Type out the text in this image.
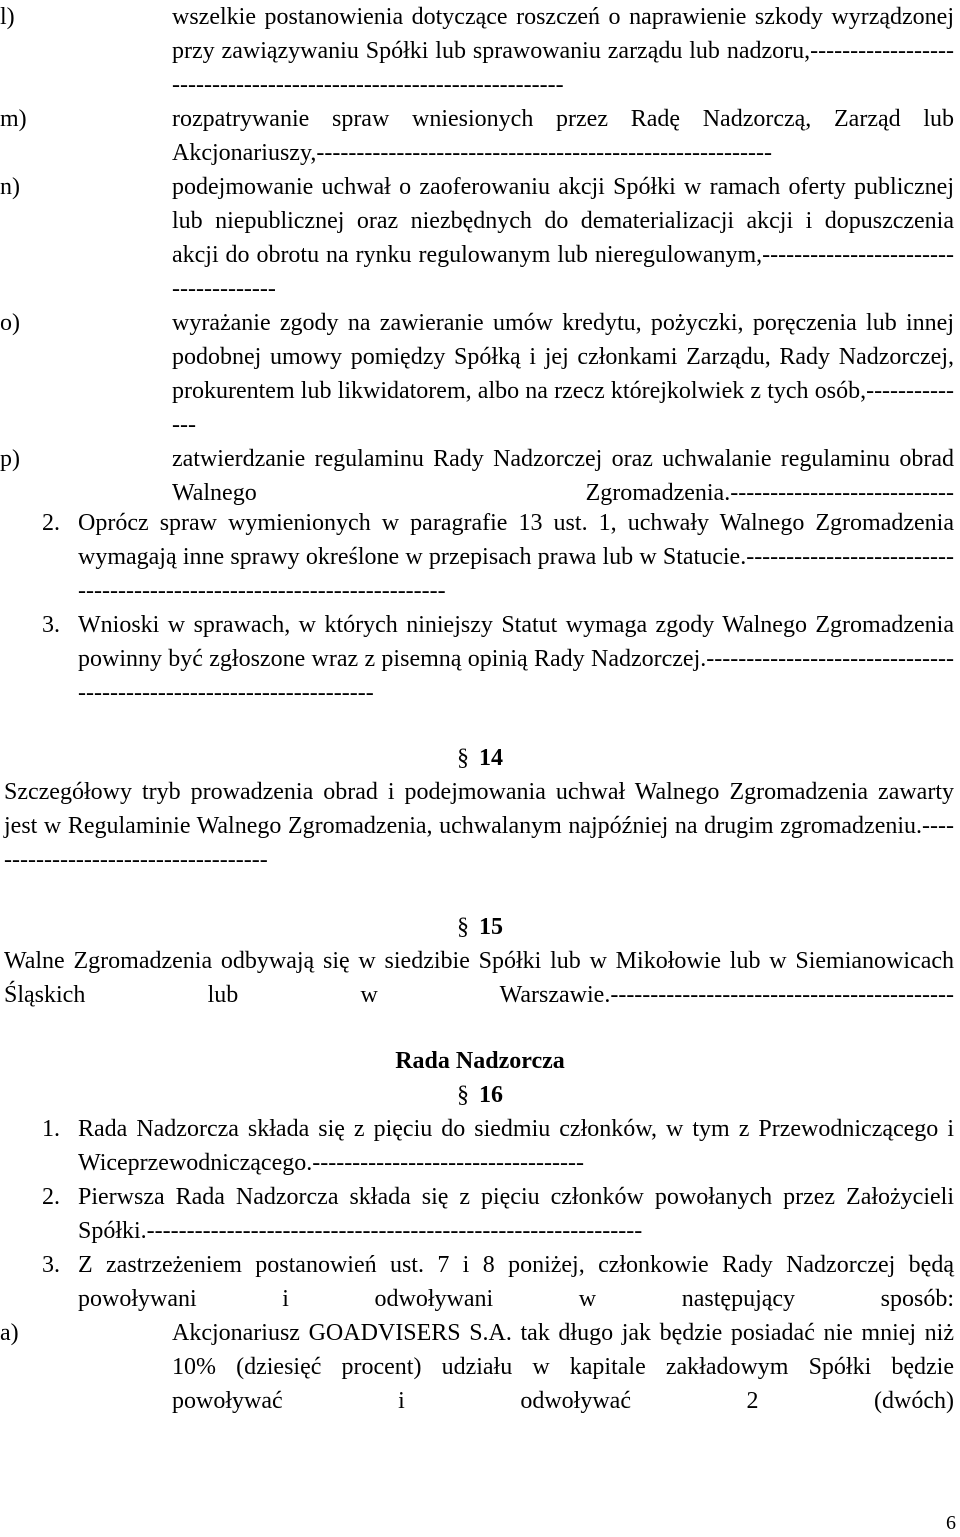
l)	wszelkie postanowienia dotyczące roszczeń o naprawienie szkody wyrządzonej przy zawiązywaniu Spółki lub sprawowaniu zarządu lub nadzoru,-------------------------------------------------------------------
m)	rozpatrywanie spraw wniesionych przez Radę Nadzorczą, Zarząd lub Akcjonariuszy,---------------------------------------------------------
n)	podejmowanie uchwał o zaoferowaniu akcji Spółki w ramach oferty publicznej lub niepublicznej oraz niezbędnych do dematerializacji akcji i dopuszczenia akcji do obrotu na rynku regulowanym lub nieregulowanym,-------------------------------------
o)	wyrażanie zgody na zawieranie umów kredytu, pożyczki, poręczenia lub innej podobnej umowy pomiędzy Spółką i jej członkami Zarządu, Rady Nadzorczej, prokurentem lub likwidatorem, albo na rzecz którejkolwiek z tych osób,--------------
p)	zatwierdzanie regulaminu Rady Nadzorczej oraz uchwalanie regulaminu obrad Walnego Zgromadzenia.----------------------------
2. Oprócz spraw wymienionych w paragrafie 13 ust. 1, uchwały Walnego Zgromadzenia wymagają inne sprawy określone w przepisach prawa lub w Statucie.------------------------------------------------------------------------
3. Wnioski w sprawach, w których niniejszy Statut wymaga zgody Walnego Zgromadzenia powinny być zgłoszone wraz z pisemną opinią Rady Nadzorczej.--------------------------------------------------------------------
§ 14
Szczegółowy tryb prowadzenia obrad i podejmowania uchwał Walnego Zgromadzenia zawarty jest w Regulaminie Walnego Zgromadzenia, uchwalanym najpóźniej na drugim zgromadzeniu.-------------------------------------
§ 15
Walne Zgromadzenia odbywają się w siedzibie Spółki lub w Mikołowie lub w Siemianowicach Śląskich lub w Warszawie.-------------------------------------------
Rada Nadzorcza
§ 16
1. Rada Nadzorcza składa się z pięciu do siedmiu członków, w tym z Przewodniczącego i Wiceprzewodniczącego.----------------------------------
2. Pierwsza Rada Nadzorcza składa się z pięciu członków powołanych przez Założycieli Spółki.--------------------------------------------------------------
3. Z zastrzeżeniem postanowień ust. 7 i 8 poniżej, członkowie Rady Nadzorczej będą powoływani i odwoływani w następujący sposób:
a)	Akcjonariusz GOADVISERS S.A. tak długo jak będzie posiadać nie mniej niż 10% (dziesięć procent) udziału w kapitale zakładowym Spółki będzie powoływać i odwoływać 2 (dwóch)
6
